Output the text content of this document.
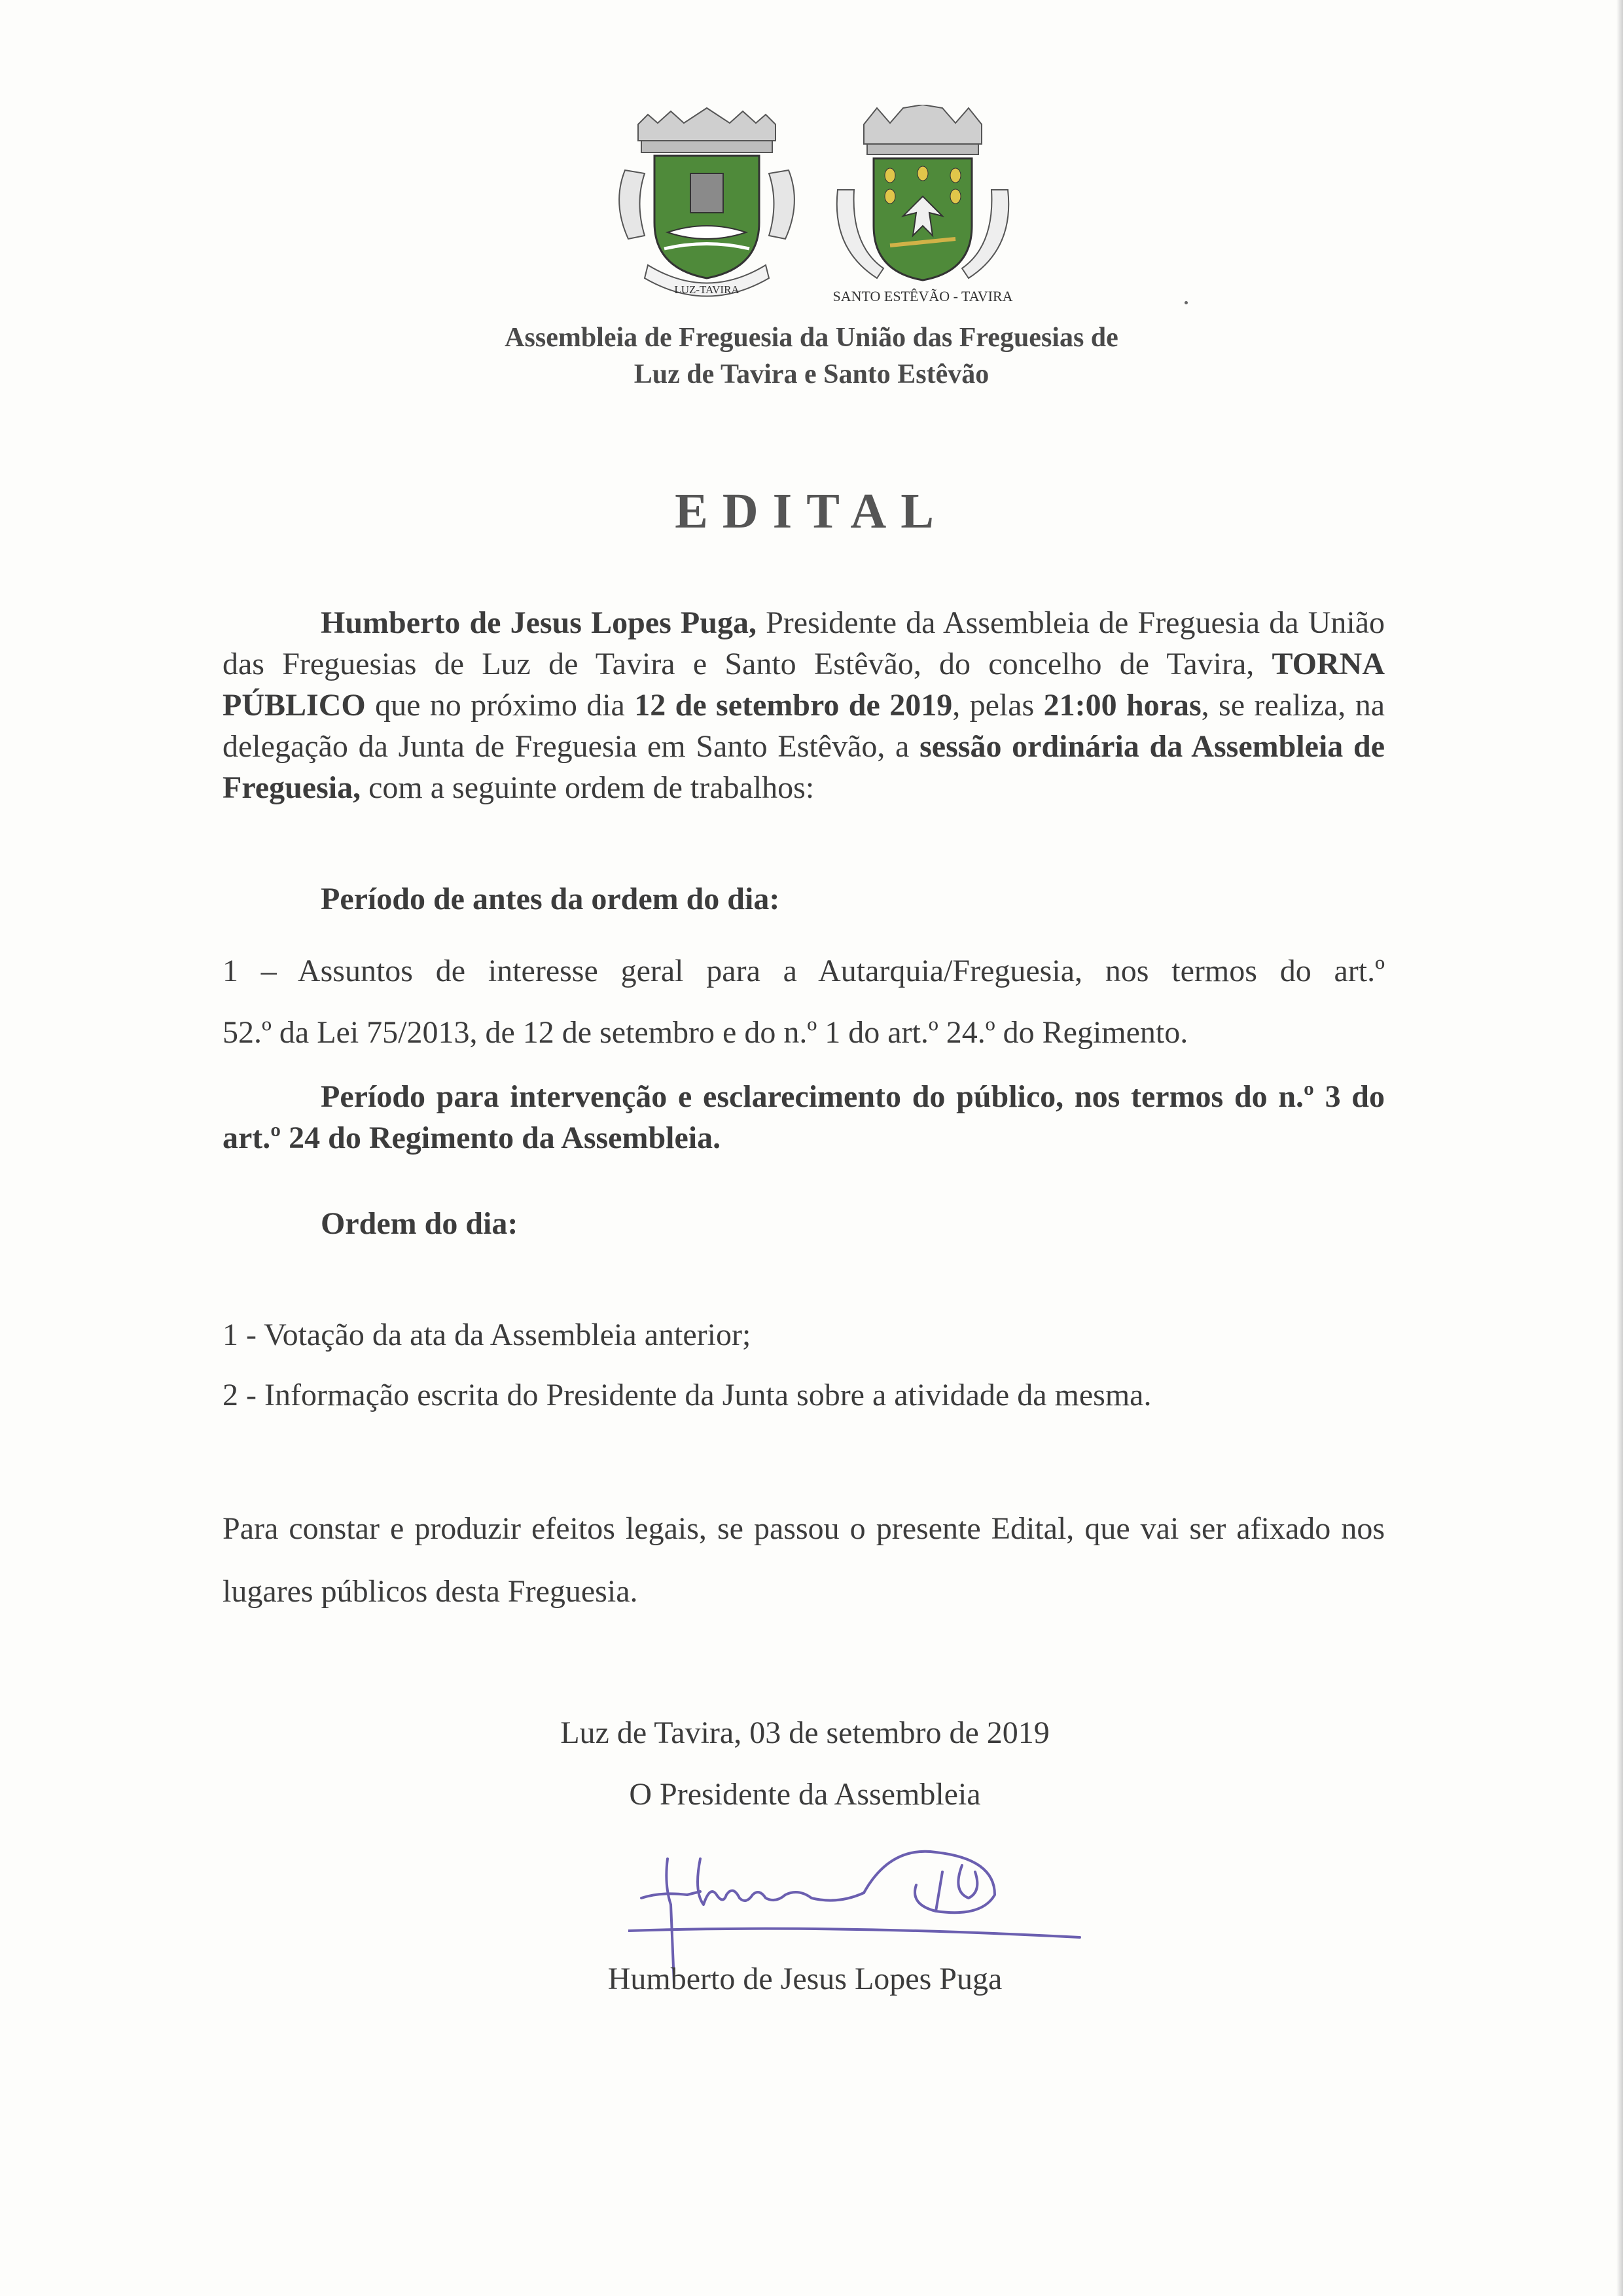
LUZ-TAVIRA	SANTO ESTÊVÃO - TAVIRA
Assembleia de Freguesia da União das Freguesias de
Luz de Tavira e Santo Estêvão
EDITAL
Humberto de Jesus Lopes Puga, Presidente da Assembleia de Freguesia da União das Freguesias de Luz de Tavira e Santo Estêvão, do concelho de Tavira, TORNA PÚBLICO que no próximo dia 12 de setembro de 2019, pelas 21:00 horas, se realiza, na delegação da Junta de Freguesia em Santo Estêvão, a sessão ordinária da Assembleia de Freguesia, com a seguinte ordem de trabalhos:
Período de antes da ordem do dia:
1 – Assuntos de interesse geral para a Autarquia/Freguesia, nos termos do art.º
52.º da Lei 75/2013, de 12 de setembro e do n.º 1 do art.º 24.º do Regimento.
Período para intervenção e esclarecimento do público, nos termos do n.º 3 do art.º 24 do Regimento da Assembleia.
Ordem do dia:
1 - Votação da ata da Assembleia anterior;
2 - Informação escrita do Presidente da Junta sobre a atividade da mesma.
Para constar e produzir efeitos legais, se passou o presente Edital, que vai ser afixado nos lugares públicos desta Freguesia.
Luz de Tavira, 03 de setembro de 2019
O Presidente da Assembleia
Humberto de Jesus Lopes Puga
